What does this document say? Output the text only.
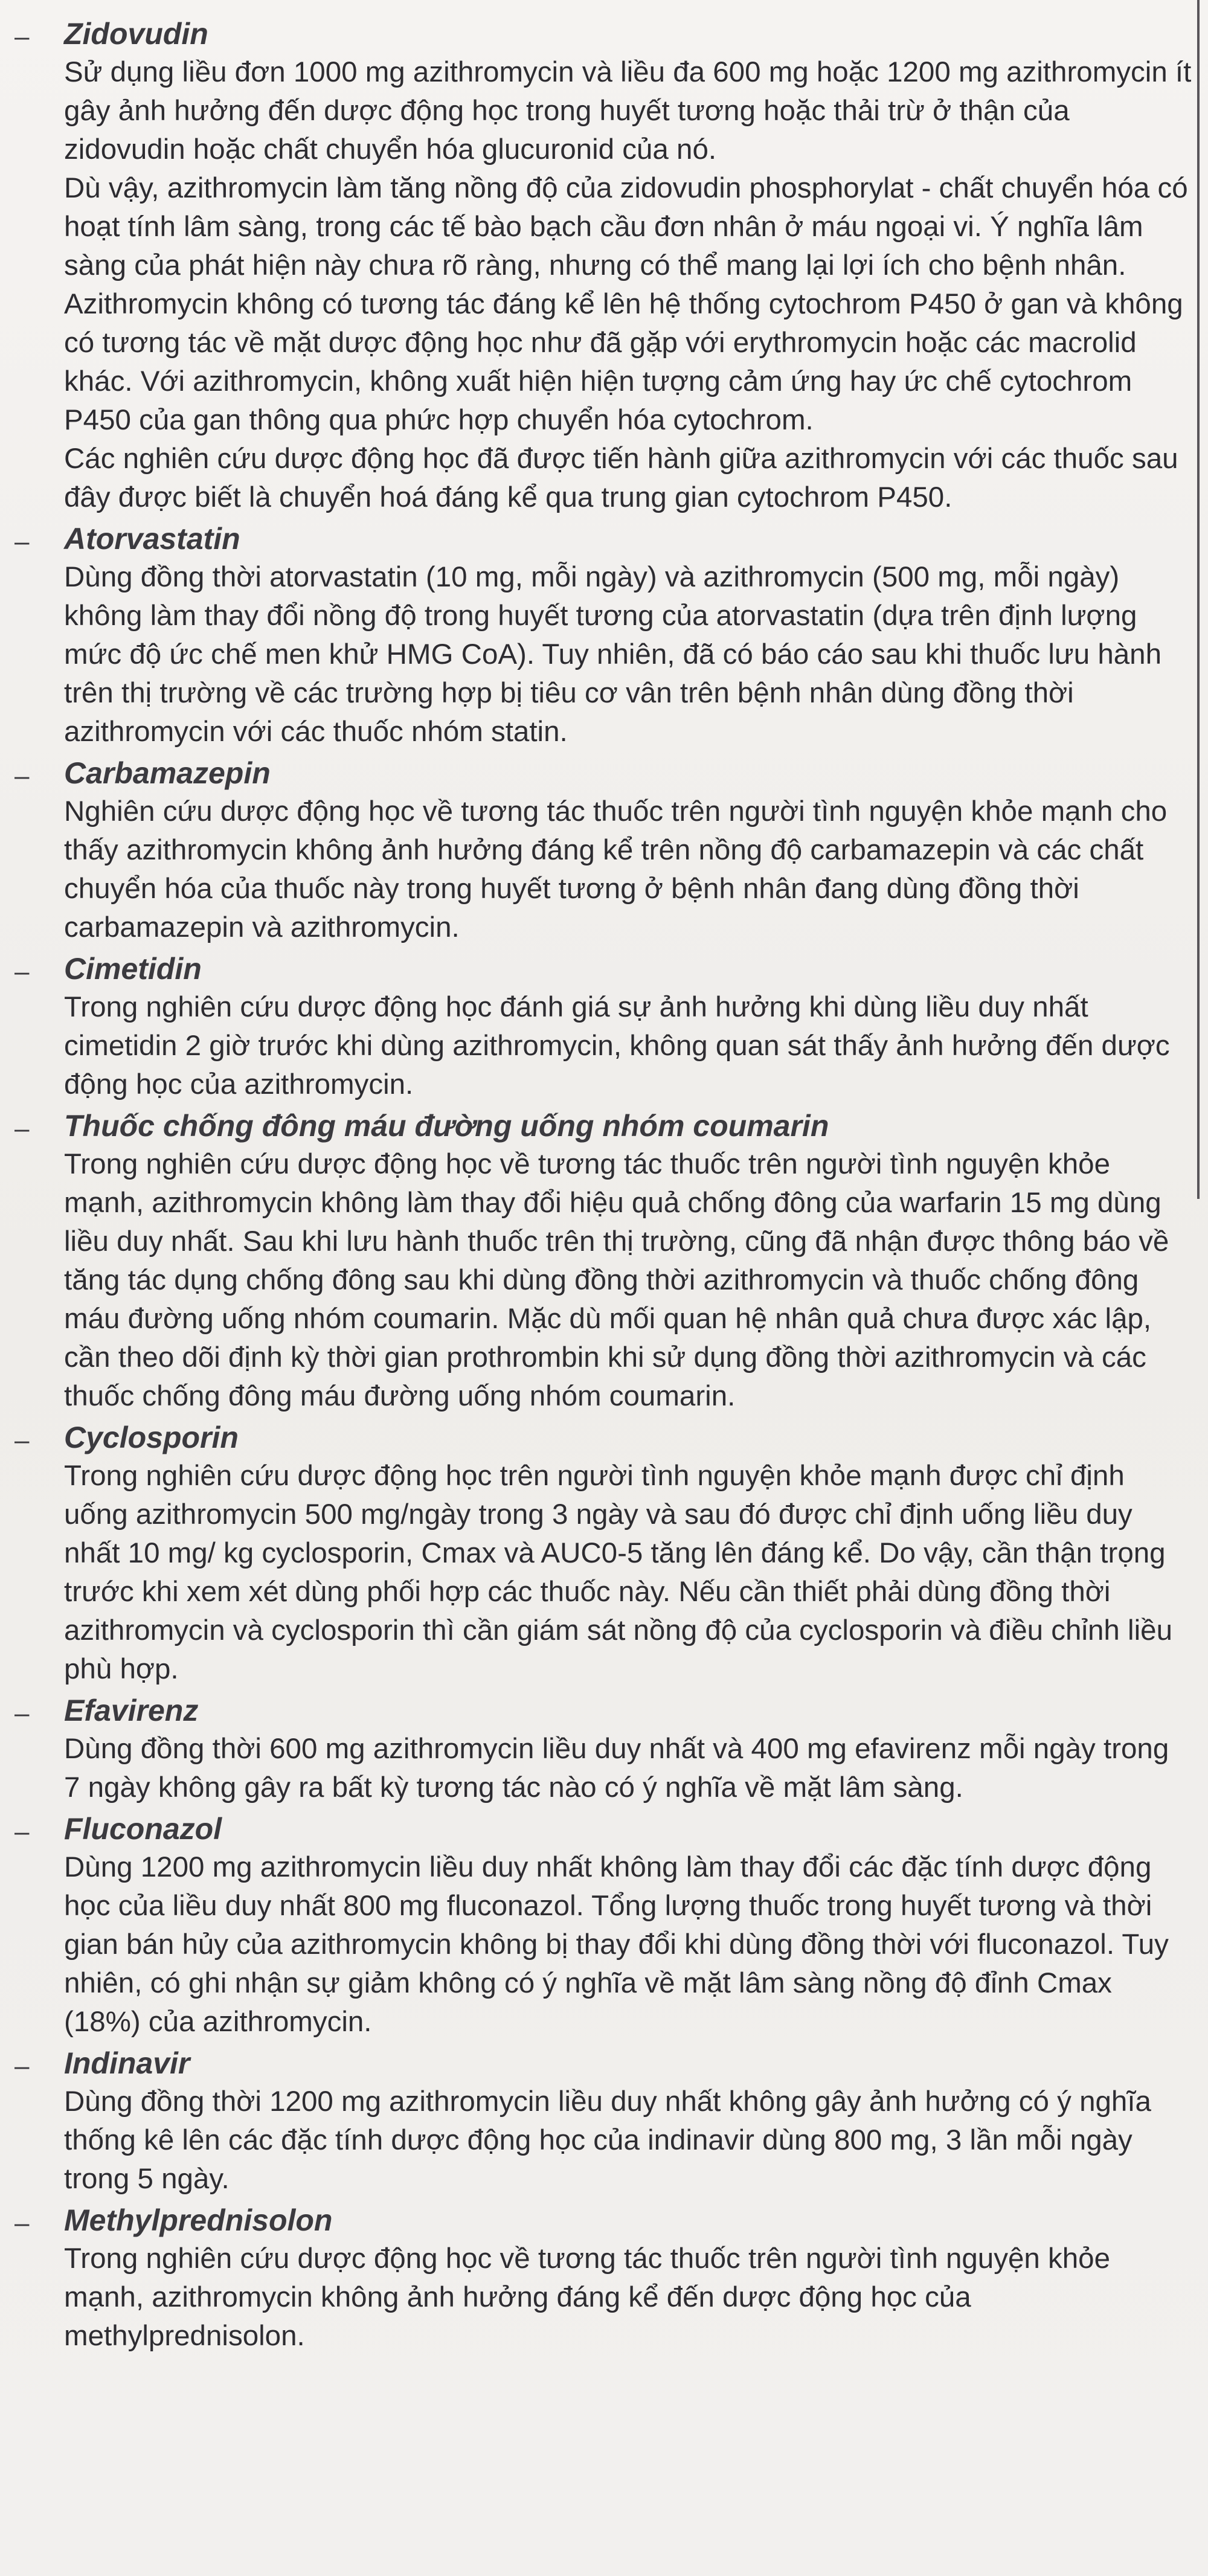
– Zidovudin

Sử dụng liều đơn 1000 mg azithromycin và liều đa 600 mg hoặc 1200 mg azithromycin ít gây ảnh hưởng đến dược động học trong huyết tương hoặc thải trừ ở thận của zidovudin hoặc chất chuyển hóa glucuronid của nó.

Dù vậy, azithromycin làm tăng nồng độ của zidovudin phosphorylat - chất chuyển hóa có hoạt tính lâm sàng, trong các tế bào bạch cầu đơn nhân ở máu ngoại vi. Ý nghĩa lâm sàng của phát hiện này chưa rõ ràng, nhưng có thể mang lại lợi ích cho bệnh nhân.

Azithromycin không có tương tác đáng kể lên hệ thống cytochrom P450 ở gan và không có tương tác về mặt dược động học như đã gặp với erythromycin hoặc các macrolid khác. Với azithromycin, không xuất hiện hiện tượng cảm ứng hay ức chế cytochrom P450 của gan thông qua phức hợp chuyển hóa cytochrom.

Các nghiên cứu dược động học đã được tiến hành giữa azithromycin với các thuốc sau đây được biết là chuyển hoá đáng kể qua trung gian cytochrom P450.

– Atorvastatin

Dùng đồng thời atorvastatin (10 mg, mỗi ngày) và azithromycin (500 mg, mỗi ngày) không làm thay đổi nồng độ trong huyết tương của atorvastatin (dựa trên định lượng mức độ ức chế men khử HMG CoA). Tuy nhiên, đã có báo cáo sau khi thuốc lưu hành trên thị trường về các trường hợp bị tiêu cơ vân trên bệnh nhân dùng đồng thời azithromycin với các thuốc nhóm statin.

– Carbamazepin

Nghiên cứu dược động học về tương tác thuốc trên người tình nguyện khỏe mạnh cho thấy azithromycin không ảnh hưởng đáng kể trên nồng độ carbamazepin và các chất chuyển hóa của thuốc này trong huyết tương ở bệnh nhân đang dùng đồng thời carbamazepin và azithromycin.

– Cimetidin

Trong nghiên cứu dược động học đánh giá sự ảnh hưởng khi dùng liều duy nhất cimetidin 2 giờ trước khi dùng azithromycin, không quan sát thấy ảnh hưởng đến dược động học của azithromycin.

– Thuốc chống đông máu đường uống nhóm coumarin

Trong nghiên cứu dược động học về tương tác thuốc trên người tình nguyện khỏe mạnh, azithromycin không làm thay đổi hiệu quả chống đông của warfarin 15 mg dùng liều duy nhất. Sau khi lưu hành thuốc trên thị trường, cũng đã nhận được thông báo về tăng tác dụng chống đông sau khi dùng đồng thời azithromycin và thuốc chống đông máu đường uống nhóm coumarin. Mặc dù mối quan hệ nhân quả chưa được xác lập, cần theo dõi định kỳ thời gian prothrombin khi sử dụng đồng thời azithromycin và các thuốc chống đông máu đường uống nhóm coumarin.

– Cyclosporin

Trong nghiên cứu dược động học trên người tình nguyện khỏe mạnh được chỉ định uống azithromycin 500 mg/ngày trong 3 ngày và sau đó được chỉ định uống liều duy nhất 10 mg/ kg cyclosporin, Cmax và AUC0-5 tăng lên đáng kể. Do vậy, cần thận trọng trước khi xem xét dùng phối hợp các thuốc này. Nếu cần thiết phải dùng đồng thời azithromycin và cyclosporin thì cần giám sát nồng độ của cyclosporin và điều chỉnh liều phù hợp.

– Efavirenz

Dùng đồng thời 600 mg azithromycin liều duy nhất và 400 mg efavirenz mỗi ngày trong 7 ngày không gây ra bất kỳ tương tác nào có ý nghĩa về mặt lâm sàng.

– Fluconazol

Dùng 1200 mg azithromycin liều duy nhất không làm thay đổi các đặc tính dược động học của liều duy nhất 800 mg fluconazol. Tổng lượng thuốc trong huyết tương và thời gian bán hủy của azithromycin không bị thay đổi khi dùng đồng thời với fluconazol. Tuy nhiên, có ghi nhận sự giảm không có ý nghĩa về mặt lâm sàng nồng độ đỉnh Cmax (18%) của azithromycin.

– Indinavir

Dùng đồng thời 1200 mg azithromycin liều duy nhất không gây ảnh hưởng có ý nghĩa thống kê lên các đặc tính dược động học của indinavir dùng 800 mg, 3 lần mỗi ngày trong 5 ngày.

– Methylprednisolon

Trong nghiên cứu dược động học về tương tác thuốc trên người tình nguyện khỏe mạnh, azithromycin không ảnh hưởng đáng kể đến dược động học của methylprednisolon.
